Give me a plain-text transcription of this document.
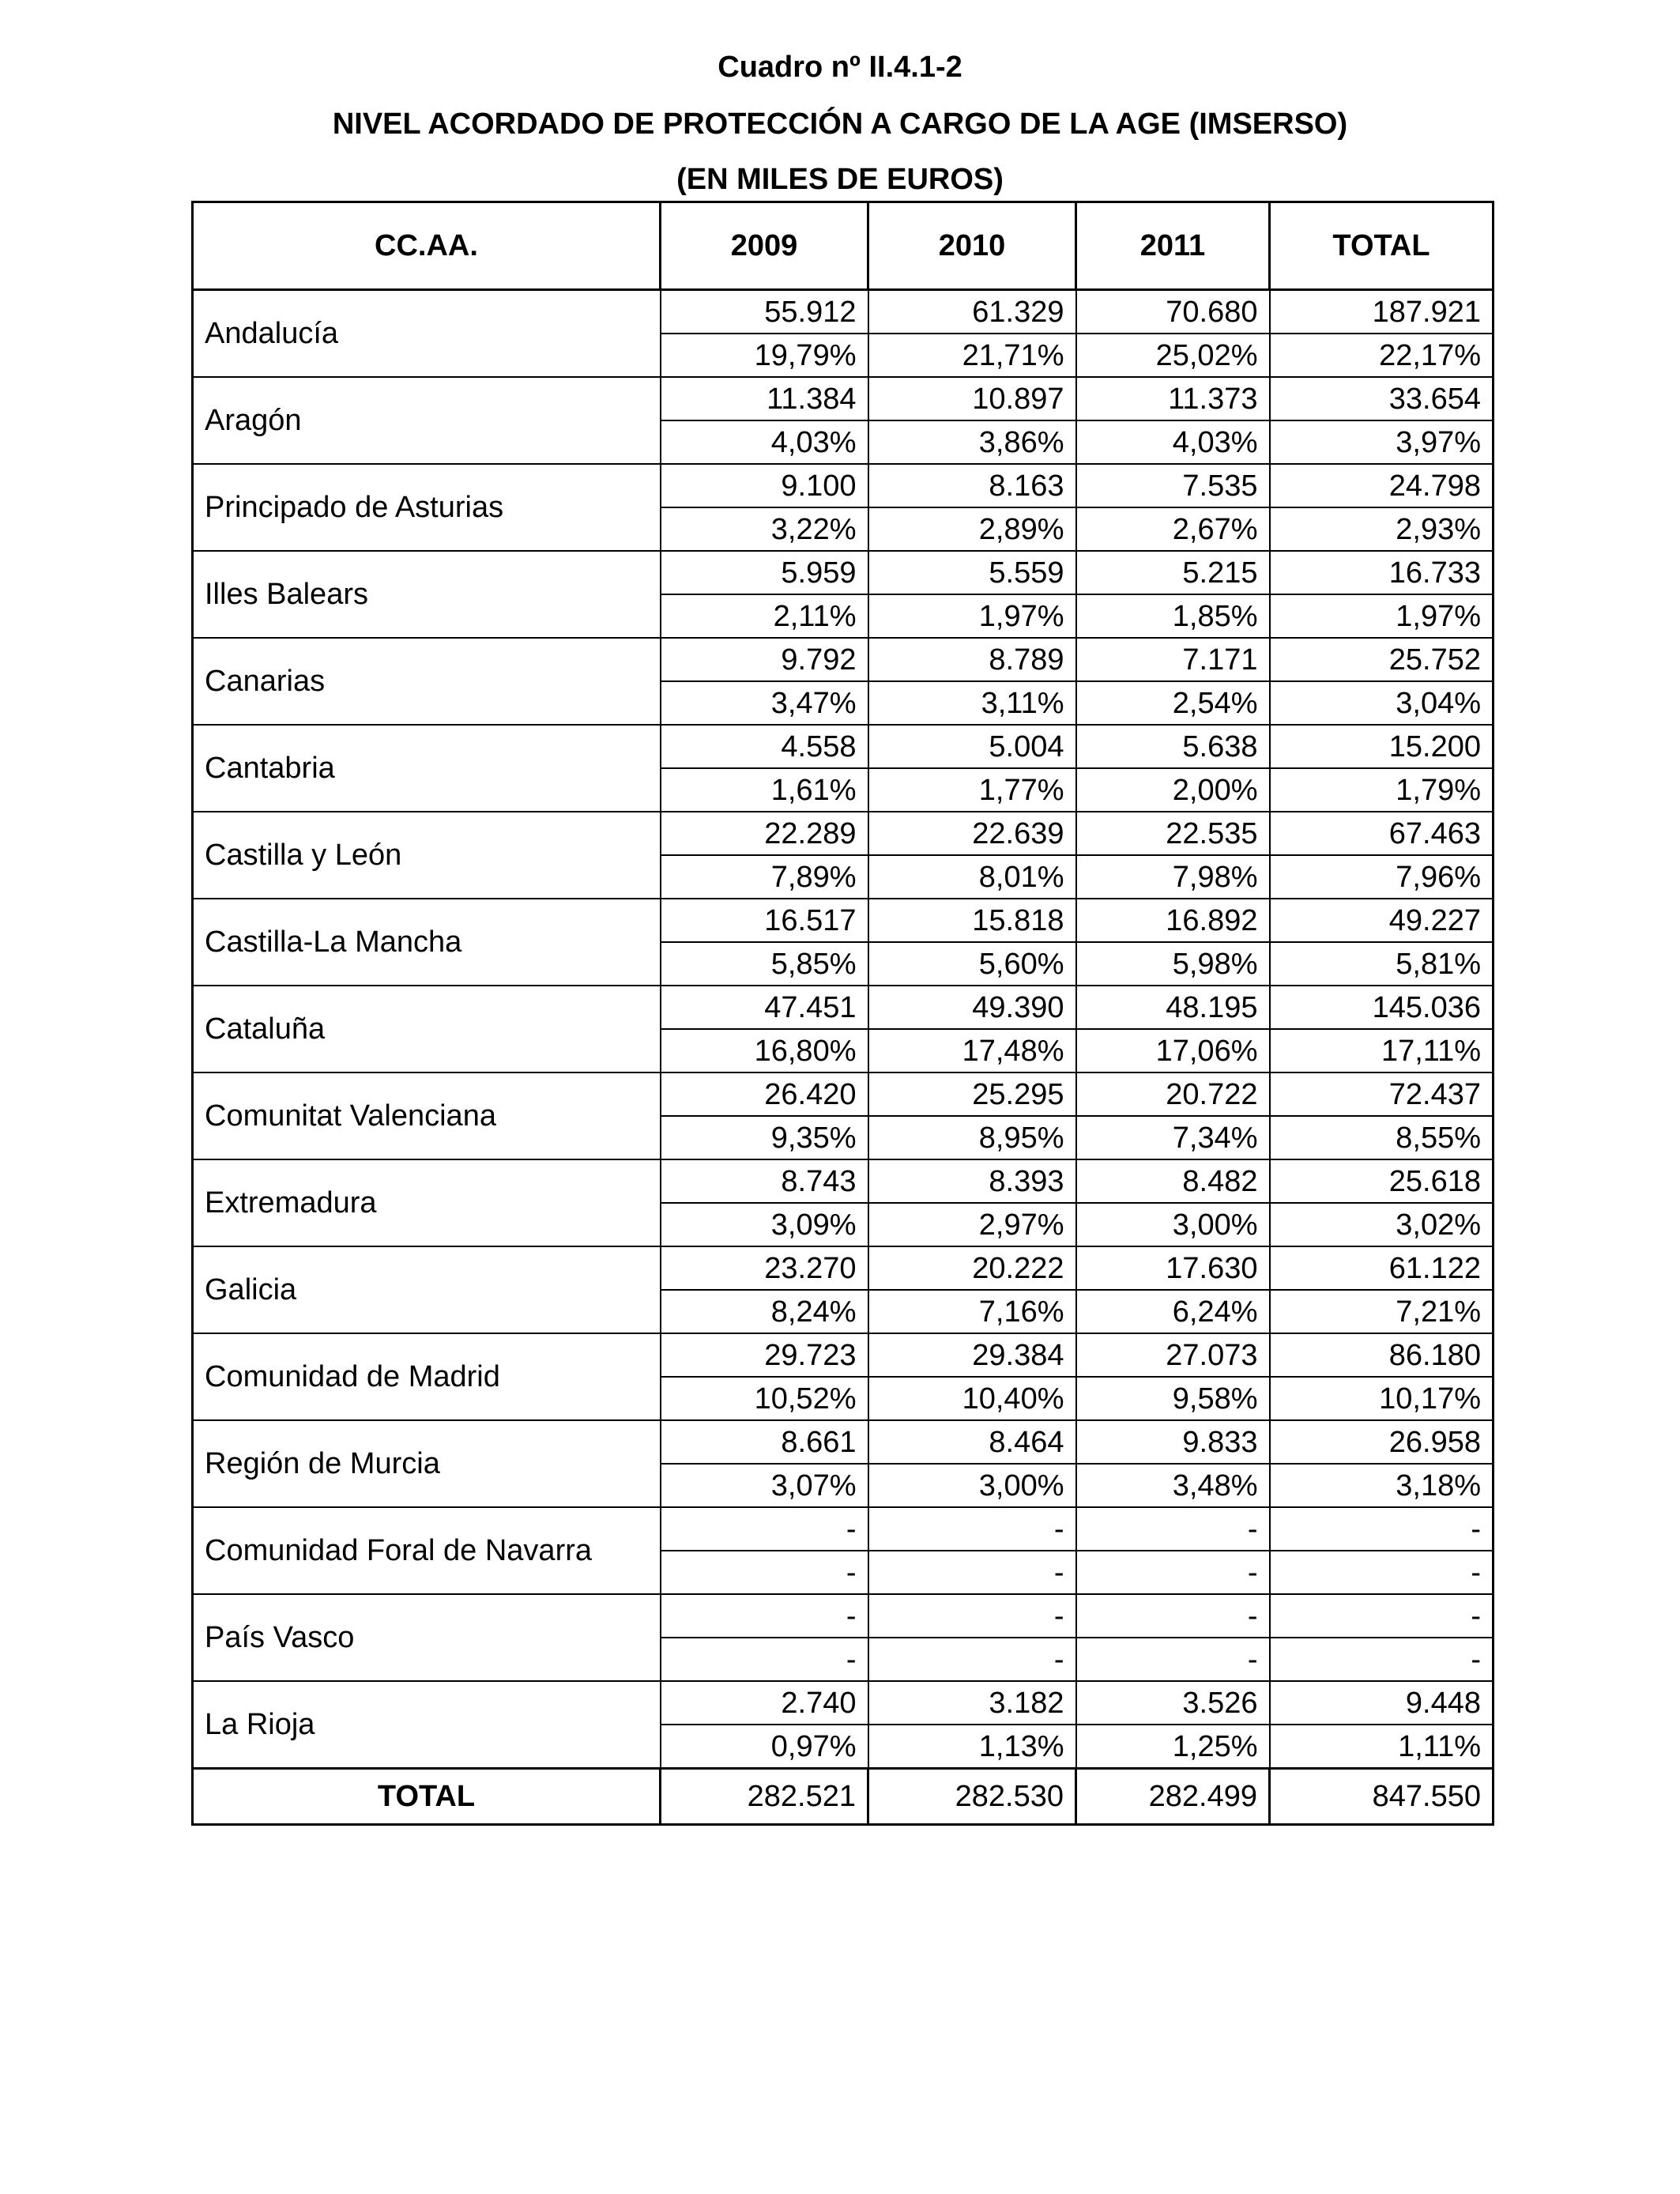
Cuadro nº II.4.1-2
NIVEL ACORDADO DE PROTECCIÓN A CARGO DE LA AGE (IMSERSO)
(EN MILES DE EUROS)
CC.AA.	2009	2010	2011	TOTAL
Andalucía	55.912	61.329	70.680	187.921
	19,79%	21,71%	25,02%	22,17%
Aragón	11.384	10.897	11.373	33.654
	4,03%	3,86%	4,03%	3,97%
Principado de Asturias	9.100	8.163	7.535	24.798
	3,22%	2,89%	2,67%	2,93%
Illes Balears	5.959	5.559	5.215	16.733
	2,11%	1,97%	1,85%	1,97%
Canarias	9.792	8.789	7.171	25.752
	3,47%	3,11%	2,54%	3,04%
Cantabria	4.558	5.004	5.638	15.200
	1,61%	1,77%	2,00%	1,79%
Castilla y León	22.289	22.639	22.535	67.463
	7,89%	8,01%	7,98%	7,96%
Castilla-La Mancha	16.517	15.818	16.892	49.227
	5,85%	5,60%	5,98%	5,81%
Cataluña	47.451	49.390	48.195	145.036
	16,80%	17,48%	17,06%	17,11%
Comunitat Valenciana	26.420	25.295	20.722	72.437
	9,35%	8,95%	7,34%	8,55%
Extremadura	8.743	8.393	8.482	25.618
	3,09%	2,97%	3,00%	3,02%
Galicia	23.270	20.222	17.630	61.122
	8,24%	7,16%	6,24%	7,21%
Comunidad de Madrid	29.723	29.384	27.073	86.180
	10,52%	10,40%	9,58%	10,17%
Región de Murcia	8.661	8.464	9.833	26.958
	3,07%	3,00%	3,48%	3,18%
Comunidad Foral de Navarra	-	-	-	-
	-	-	-	-
País Vasco	-	-	-	-
	-	-	-	-
La Rioja	2.740	3.182	3.526	9.448
	0,97%	1,13%	1,25%	1,11%
TOTAL	282.521	282.530	282.499	847.550
